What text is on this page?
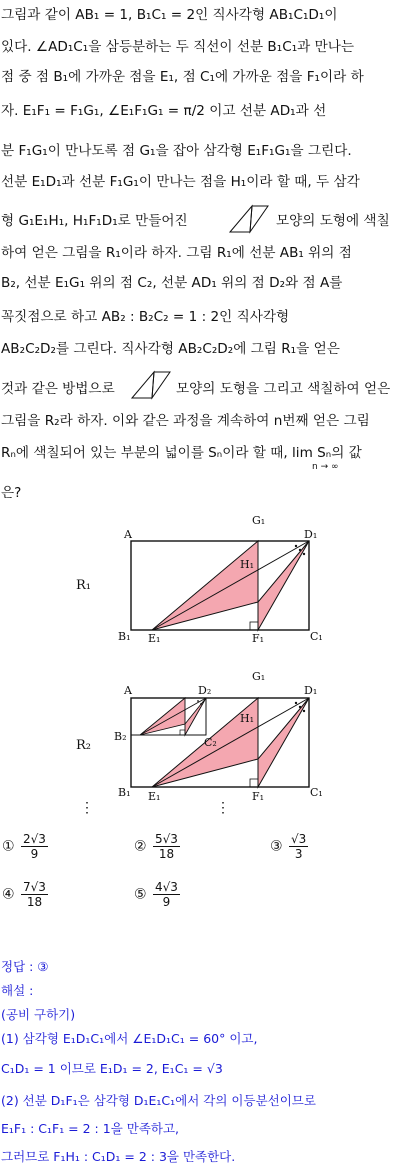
그림과 같이 AB₁ = 1, B₁C₁ = 2인 직사각형 AB₁C₁D₁이
있다. ∠AD₁C₁을 삼등분하는 두 직선이 선분 B₁C₁과 만나는
점 중 점 B₁에 가까운 점을 E₁, 점 C₁에 가까운 점을 F₁이라 하
자. E₁F₁ = F₁G₁, ∠E₁F₁G₁ = π/2 이고 선분 AD₁과 선
분 F₁G₁이 만나도록 점 G₁을 잡아 삼각형 E₁F₁G₁을 그린다.
선분 E₁D₁과 선분 F₁G₁이 만나는 점을 H₁이라 할 때, 두 삼각
형 G₁E₁H₁, H₁F₁D₁로 만들어진	모양의 도형에 색칠
하여 얻은 그림을 R₁이라 하자. 그림 R₁에 선분 AB₁ 위의 점
B₂, 선분 E₁G₁ 위의 점 C₂, 선분 AD₁ 위의 점 D₂와 점 A를
꼭짓점으로 하고 AB₂ : B₂C₂ = 1 : 2인 직사각형
AB₂C₂D₂를 그린다. 직사각형 AB₂C₂D₂에 그림 R₁을 얻은
것과 같은 방법으로	모양의 도형을 그리고 색칠하여 얻은
그림을 R₂라 하자. 이와 같은 과정을 계속하여 n번째 얻은 그림
Rₙ에 색칠되어 있는 부분의 넓이를 Sₙ이라 할 때, lim Sₙ의 값
n → ∞
은?
R₁
A
G₁
D₁
H₁
B₁ E₁	F₁	C₁
R₂
A	D₂
G₁
D₁
B₂
H₁
C₂
B₁ E₁	F₁	C₁
⋮	⋮
① $\frac{2√3}{9}$	② $\frac{5√3}{18}$	③ $\frac{√3}{3}$
④ $\frac{7√3}{18}$	⑤ $\frac{4√3}{9}$
정답 : ③
해설 :
(공비 구하기)
(1) 삼각형 E₁D₁C₁에서 ∠E₁D₁C₁ = 60° 이고,
C₁D₁ = 1 이므로 E₁D₁ = 2, E₁C₁ = √3
(2) 선분 D₁F₁은 삼각형 D₁E₁C₁에서 각의 이등분선이므로
E₁F₁ : C₁F₁ = 2 : 1을 만족하고,
그러므로 F₁H₁ : C₁D₁ = 2 : 3을 만족한다.
